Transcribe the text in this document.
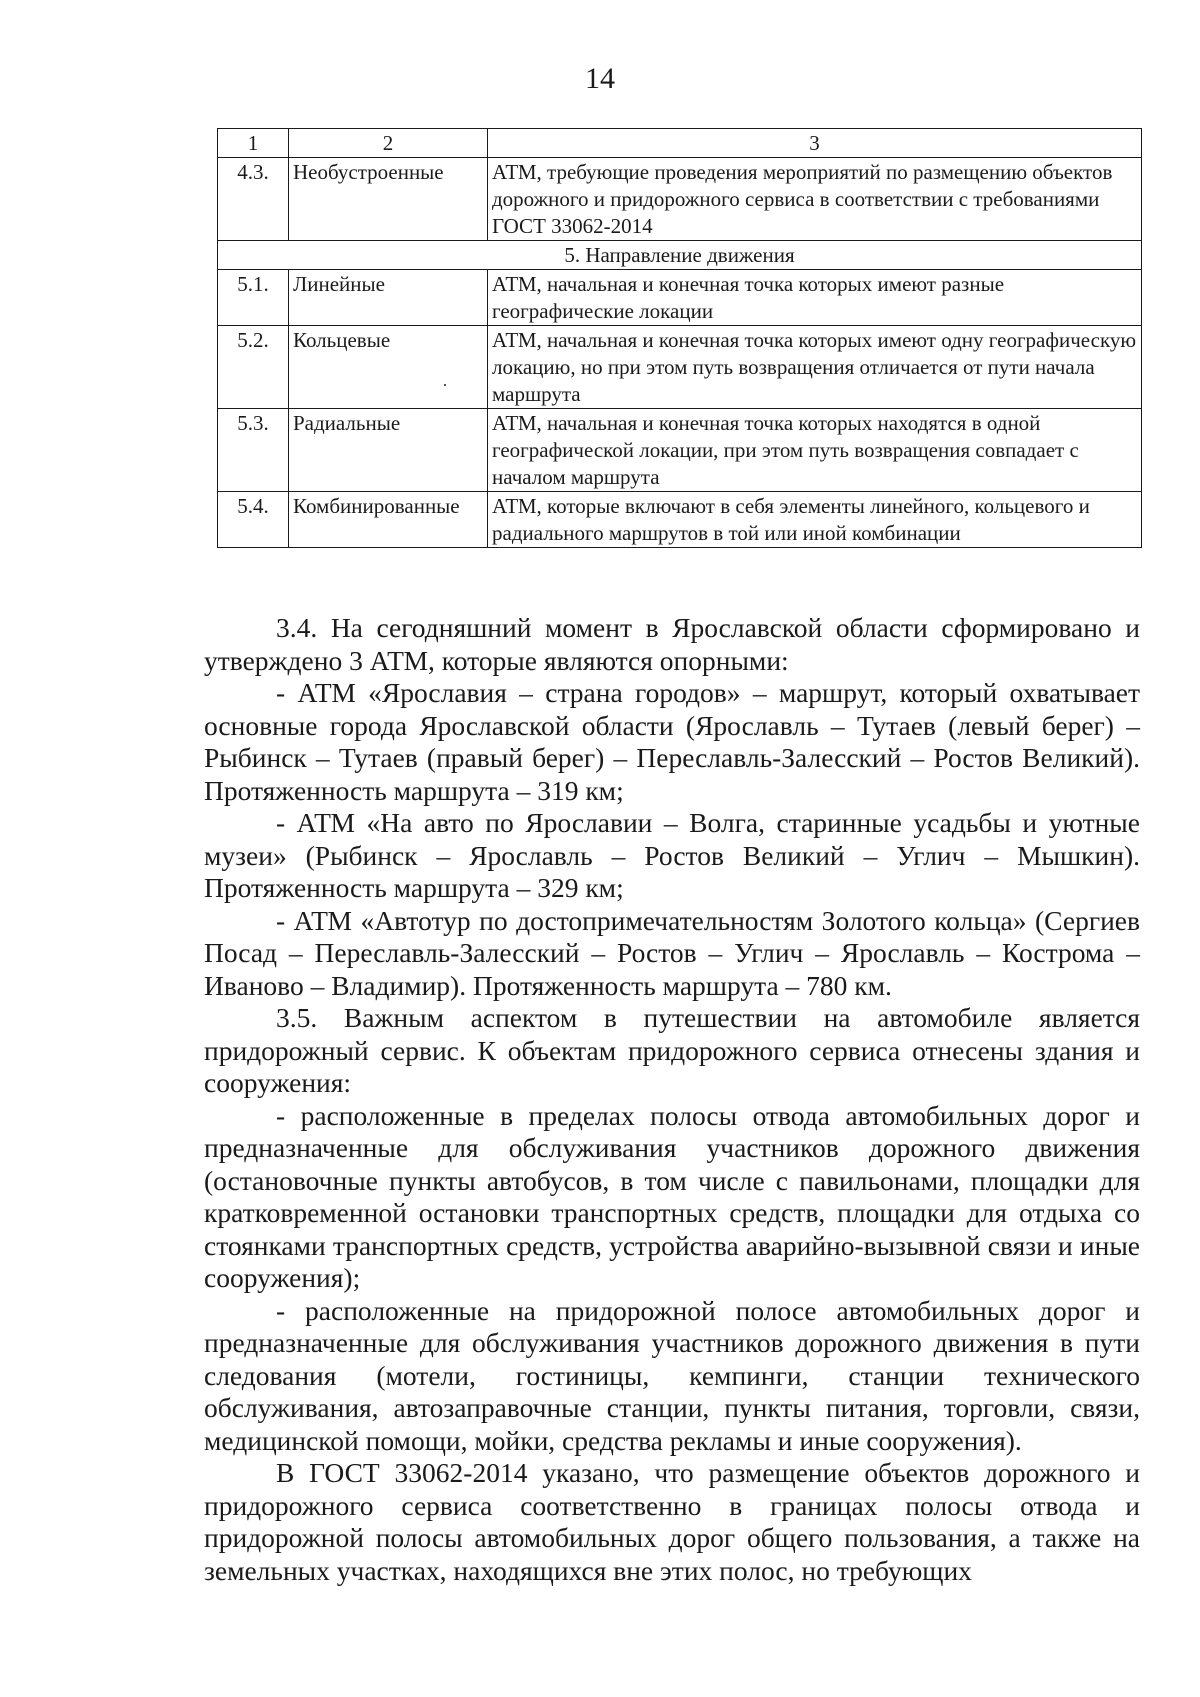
14
1	2	3
4.3.	Необустроенные	АТМ, требующие проведения мероприятий по размещению объектов дорожного и придорожного сервиса в соответствии с требованиями ГОСТ 33062-2014
5. Направление движения		
5.1.	Линейные	АТМ, начальная и конечная точка которых имеют разные географические локации
5.2.	Кольцевые	АТМ, начальная и конечная точка которых имеют одну географическую локацию, но при этом путь возвращения отличается от пути начала маршрута
5.3.	Радиальные	АТМ, начальная и конечная точка которых находятся в одной географической локации, при этом путь возвращения совпадает с началом маршрута
5.4.	Комбинированные	АТМ, которые включают в себя элементы линейного, кольцевого и радиального маршрутов в той или иной комбинации

3.4. На сегодняшний момент в Ярославской области сформировано и утверждено 3 АТМ, которые являются опорными:

- АТМ «Ярославия – страна городов» – маршрут, который охватывает основные города Ярославской области (Ярославль – Тутаев (левый берег) – Рыбинск – Тутаев (правый берег) – Переславль-Залесский – Ростов Великий). Протяженность маршрута – 319 км;

- АТМ «На авто по Ярославии – Волга, старинные усадьбы и уютные музеи» (Рыбинск – Ярославль – Ростов Великий – Углич – Мышкин). Протяженность маршрута – 329 км;

- АТМ «Автотур по достопримечательностям Золотого кольца» (Сергиев Посад – Переславль-Залесский – Ростов – Углич – Ярославль – Кострома – Иваново – Владимир). Протяженность маршрута – 780 км.

3.5. Важным аспектом в путешествии на автомобиле является придорожный сервис. К объектам придорожного сервиса отнесены здания и сооружения:

- расположенные в пределах полосы отвода автомобильных дорог и предназначенные для обслуживания участников дорожного движения (остановочные пункты автобусов, в том числе с павильонами, площадки для кратковременной остановки транспортных средств, площадки для отдыха со стоянками транспортных средств, устройства аварийно-вызывной связи и иные сооружения);

- расположенные на придорожной полосе автомобильных дорог и предназначенные для обслуживания участников дорожного движения в пути следования (мотели, гостиницы, кемпинги, станции технического обслуживания, автозаправочные станции, пункты питания, торговли, связи, медицинской помощи, мойки, средства рекламы и иные сооружения).

В ГОСТ 33062-2014 указано, что размещение объектов дорожного и придорожного сервиса соответственно в границах полосы отвода и придорожной полосы автомобильных дорог общего пользования, а также на земельных участках, находящихся вне этих полос, но требующих
